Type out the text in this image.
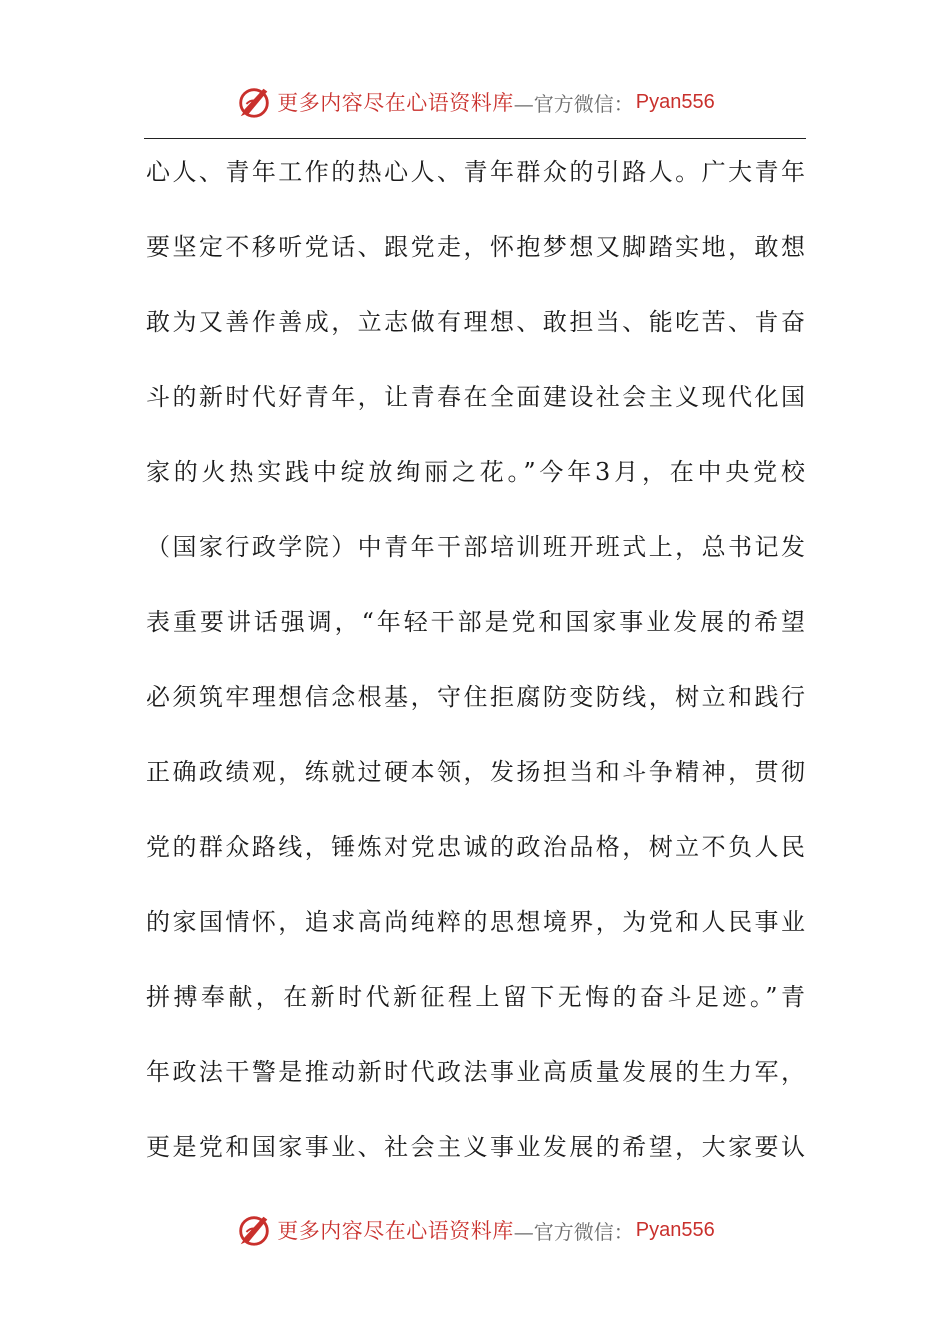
更多内容尽在心语资料库 —官方微信： Pyan556
心人、青年工作的热心人、青年群众的引路人。广大青年
要坚定不移听党话、跟党走，怀抱梦想又脚踏实地，敢想
敢为又善作善成，立志做有理想、敢担当、能吃苦、肯奋
斗的新时代好青年，让青春在全面建设社会主义现代化国
家的火热实践中绽放绚丽之花。”今年3月，在中央党校
（国家行政学院）中青年干部培训班开班式上，总书记发
表重要讲话强调，“年轻干部是党和国家事业发展的希望
必须筑牢理想信念根基，守住拒腐防变防线，树立和践行
正确政绩观，练就过硬本领，发扬担当和斗争精神，贯彻
党的群众路线，锤炼对党忠诚的政治品格，树立不负人民
的家国情怀，追求高尚纯粹的思想境界，为党和人民事业
拼搏奉献，在新时代新征程上留下无悔的奋斗足迹。”青
年政法干警是推动新时代政法事业高质量发展的生力军，
更是党和国家事业、社会主义事业发展的希望，大家要认
更多内容尽在心语资料库 —官方微信： Pyan556
